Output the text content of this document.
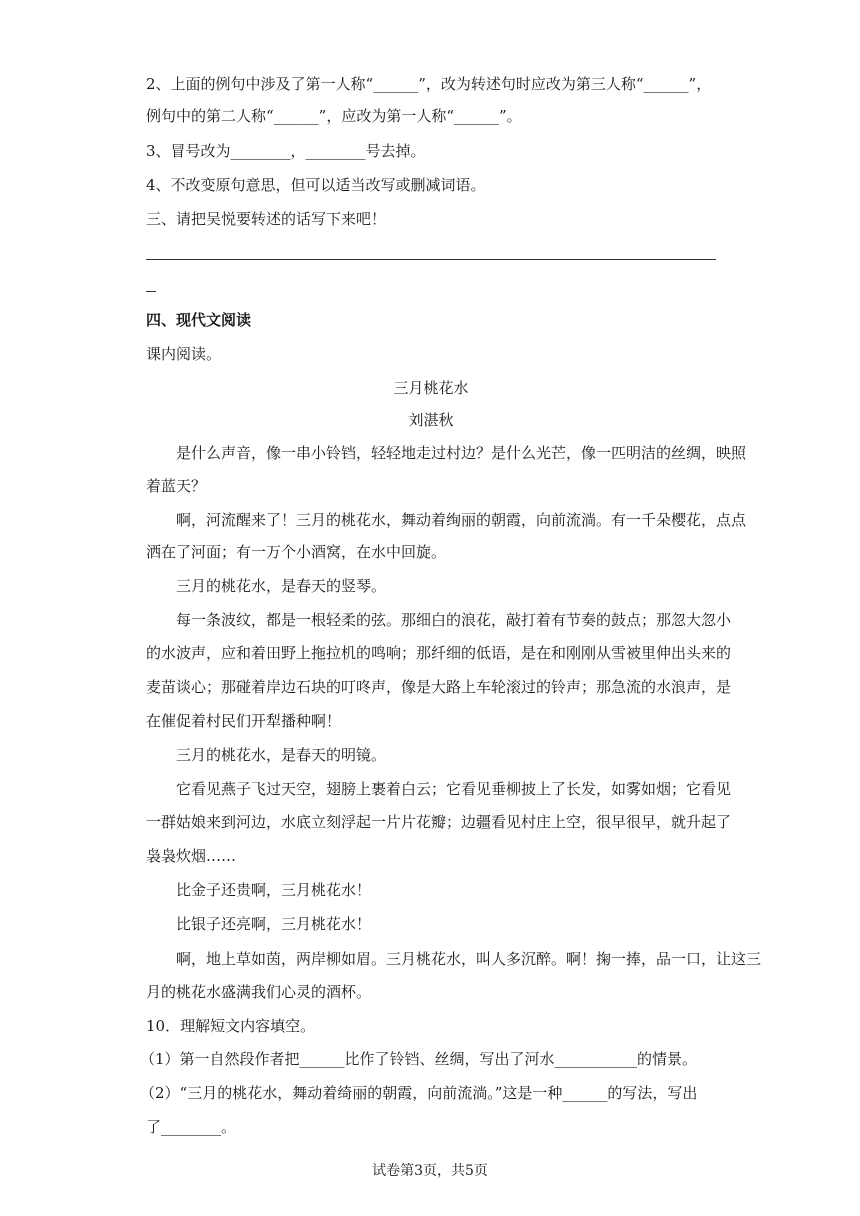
2、上面的例句中涉及了第一人称“______”，改为转述句时应改为第三人称“______”，
例句中的第二人称“______”，应改为第一人称“______”。
3、冒号改为________，________号去掉。
4、不改变原句意思，但可以适当改写或删减词语。
三、请把吴悦要转述的话写下来吧！
四、现代文阅读
课内阅读。
三月桃花水
刘湛秋
是什么声音，像一串小铃铛，轻轻地走过村边？是什么光芒，像一匹明洁的丝绸，映照
着蓝天？
啊，河流醒来了！三月的桃花水，舞动着绚丽的朝霞，向前流淌。有一千朵樱花，点点
洒在了河面；有一万个小酒窝，在水中回旋。
三月的桃花水，是春天的竖琴。
每一条波纹，都是一根轻柔的弦。那细白的浪花，敲打着有节奏的鼓点；那忽大忽小
的水波声，应和着田野上拖拉机的鸣响；那纤细的低语，是在和刚刚从雪被里伸出头来的
麦苗谈心；那碰着岸边石块的叮咚声，像是大路上车轮滚过的铃声；那急流的水浪声，是
在催促着村民们开犁播种啊！
三月的桃花水，是春天的明镜。
它看见燕子飞过天空，翅膀上裹着白云；它看见垂柳披上了长发，如雾如烟；它看见
一群姑娘来到河边，水底立刻浮起一片片花瓣；边疆看见村庄上空，很早很早，就升起了
袅袅炊烟……
比金子还贵啊，三月桃花水！
比银子还亮啊，三月桃花水！
啊，地上草如茵，两岸柳如眉。三月桃花水，叫人多沉醉。啊！掬一捧，品一口，让这三
月的桃花水盛满我们心灵的酒杯。
10．理解短文内容填空。
（1）第一自然段作者把______比作了铃铛、丝绸，写出了河水___________的情景。
（2）“三月的桃花水，舞动着绮丽的朝霞，向前流淌。”这是一种______的写法，写出
了________。
试卷第3页，共5页
